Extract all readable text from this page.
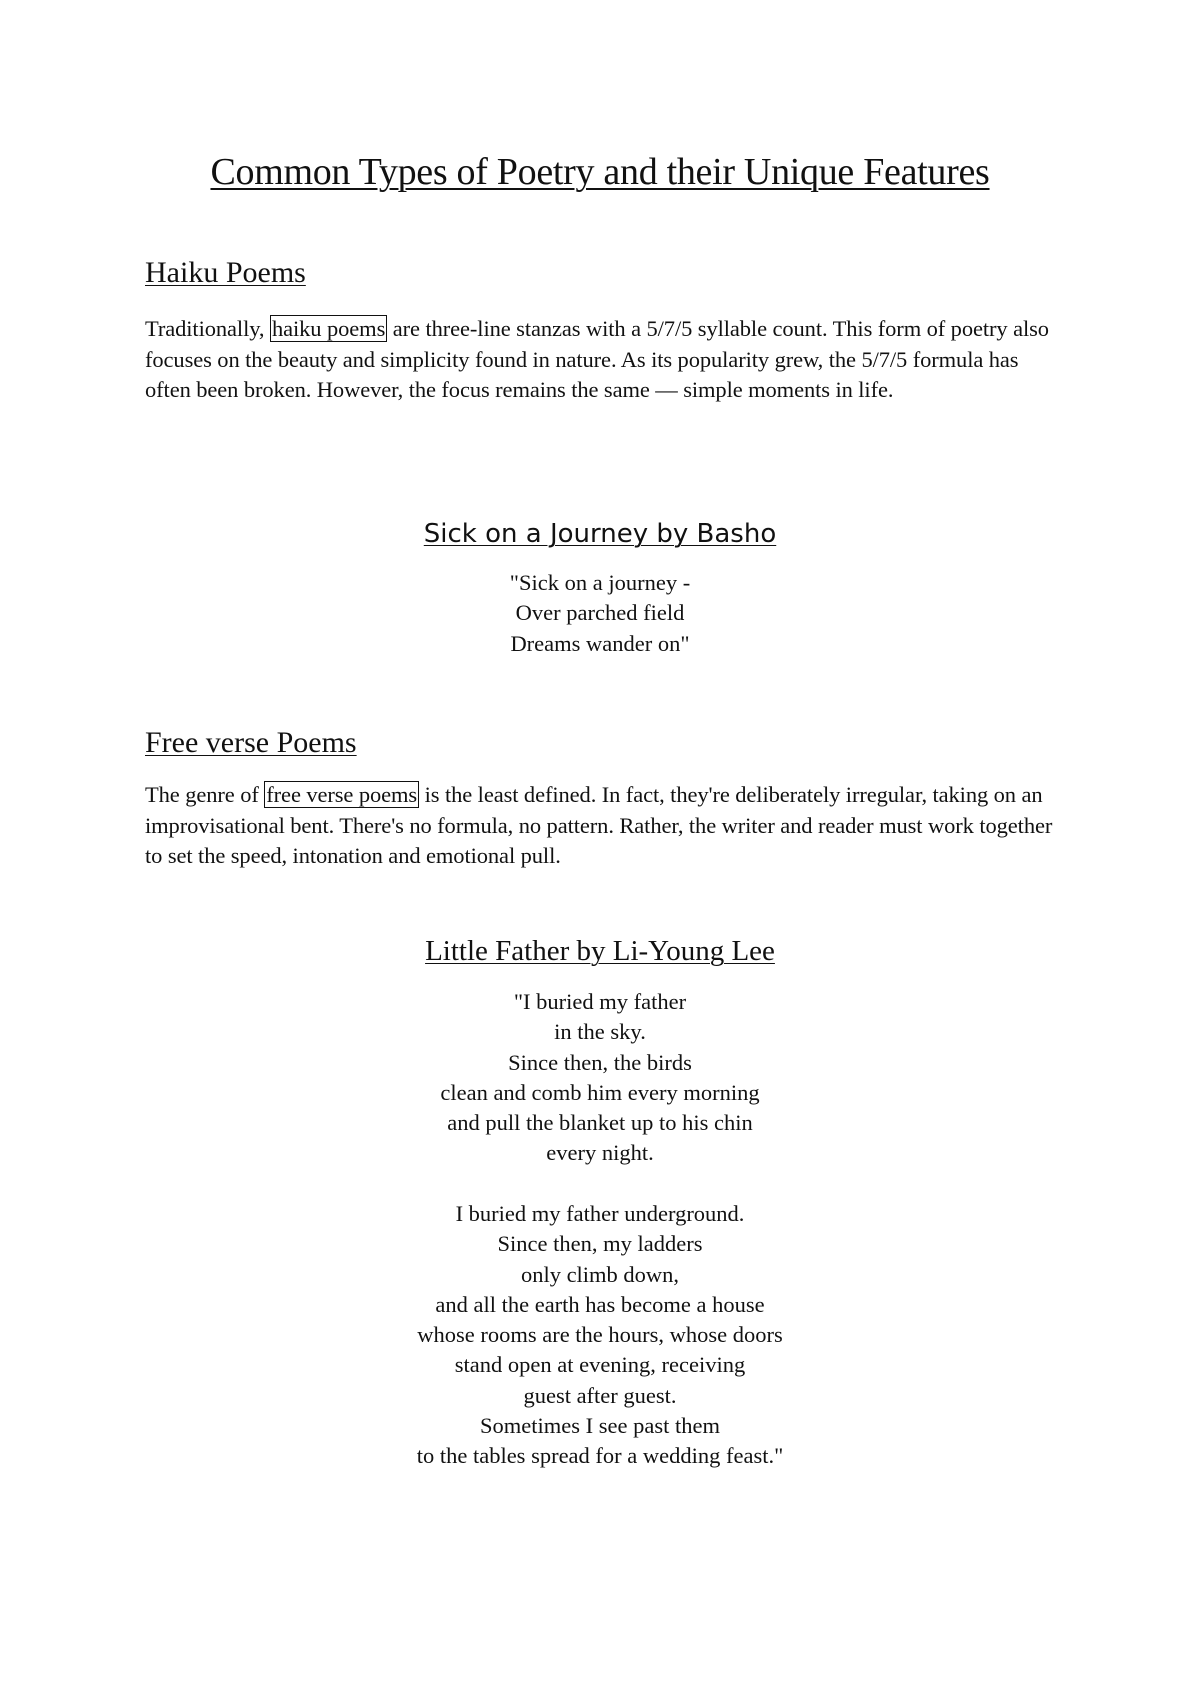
Common Types of Poetry and their Unique Features
Haiku Poems

Traditionally, haiku poems are three-line stanzas with a 5/7/5 syllable count. This form of poetry also focuses on the beauty and simplicity found in nature. As its popularity grew, the 5/7/5 formula has often been broken. However, the focus remains the same — simple moments in life.

Sick on a Journey by Basho
"Sick on a journey -
Over parched field
Dreams wander on"
Free verse Poems

The genre of free verse poems is the least defined. In fact, they're deliberately irregular, taking on an improvisational bent. There's no formula, no pattern. Rather, the writer and reader must work together to set the speed, intonation and emotional pull.

Little Father by Li-Young Lee
"I buried my father
in the sky.
Since then, the birds
clean and comb him every morning
and pull the blanket up to his chin
every night.
I buried my father underground.
Since then, my ladders
only climb down,
and all the earth has become a house
whose rooms are the hours, whose doors
stand open at evening, receiving
guest after guest.
Sometimes I see past them
to the tables spread for a wedding feast."
